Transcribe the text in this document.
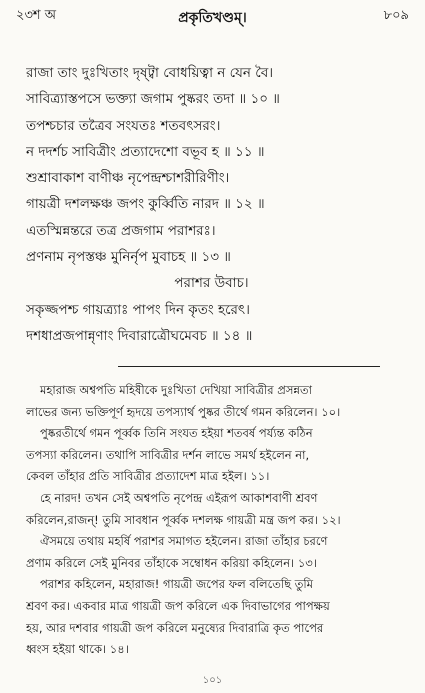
২৩শ অ	প্রকৃতিখণ্ডম্।	৮০৯
রাজা তাং দুঃখিতাং দৃষ্ট্বা বোধয়িত্বা ন যেন বৈ।
সাবিত্র্যাস্তপসে ভক্ত্যা জগাম পুষ্করং তদা ॥ ১০ ॥
তপশ্চচার তত্রৈব সংযতঃ শতবৎসরং।
ন দদর্শচ সাবিত্রীং প্রত্যাদেশো বভূব হ ॥ ১১ ॥
শুশ্রাবাকাশ বাণীঞ্চ নৃপেন্দ্রশ্চাশরীরিণীং।
গায়ত্রী দশলক্ষঞ্চ জপং কুর্ব্বিতি নারদ ॥ ১২ ॥
এতস্মিন্নন্তরে তত্র প্রজগাম পরাশরঃ।
প্রণনাম নৃপস্তঞ্চ মুনির্নৃপ মুবাচহ ॥ ১৩ ॥
পরাশর উবাচ।
সকৃজ্জপশ্চ গায়ত্র্যাঃ পাপং দিন কৃতং হরেৎ।
দশধাপ্রজপান্নৃণাং দিবারাত্রৌঘমেবচ ॥ ১৪ ॥
মহারাজ অশ্বপতি মহিষীকে দুঃখিতা দেখিয়া সাবিত্রীর প্রসন্নতা
লাভের জন্য ভক্তিপূর্ণ হৃদয়ে তপস্যার্থ পুষ্কর তীর্থে গমন করিলেন। ১০।
পুষ্করতীর্থে গমন পূর্ব্বক তিনি সংযত হইয়া শতবর্ষ পর্য্যন্ত কঠিন
তপস্যা করিলেন। তথাপি সাবিত্রীর দর্শন লাভে সমর্থ হইলেন না,
কেবল তাঁহার প্রতি সাবিত্রীর প্রত্যাদেশ মাত্র হইল। ১১।
হে নারদ! তখন সেই অশ্বপতি নৃপেন্দ্র এইরূপ আকাশবাণী শ্রবণ
করিলেন,রাজন্! তুমি সাবধান পূর্ব্বক দশলক্ষ গায়ত্রী মন্ত্র জপ কর। ১২।
ঐসময়ে তথায় মহর্ষি পরাশর সমাগত হইলেন। রাজা তাঁহার চরণে
প্রণাম করিলে সেই মুনিবর তাঁহাকে সম্বোধন করিয়া কহিলেন। ১৩।
পরাশর কহিলেন, মহারাজ! গায়ত্রী জপের ফল বলিতেছি তুমি
শ্রবণ কর। একবার মাত্র গায়ত্রী জপ করিলে এক দিবাভাগের পাপক্ষয়
হয়, আর দশবার গায়ত্রী জপ করিলে মনুষ্যের দিবারাত্রি কৃত পাপের
ধ্বংস হইয়া থাকে। ১৪।
১০১
